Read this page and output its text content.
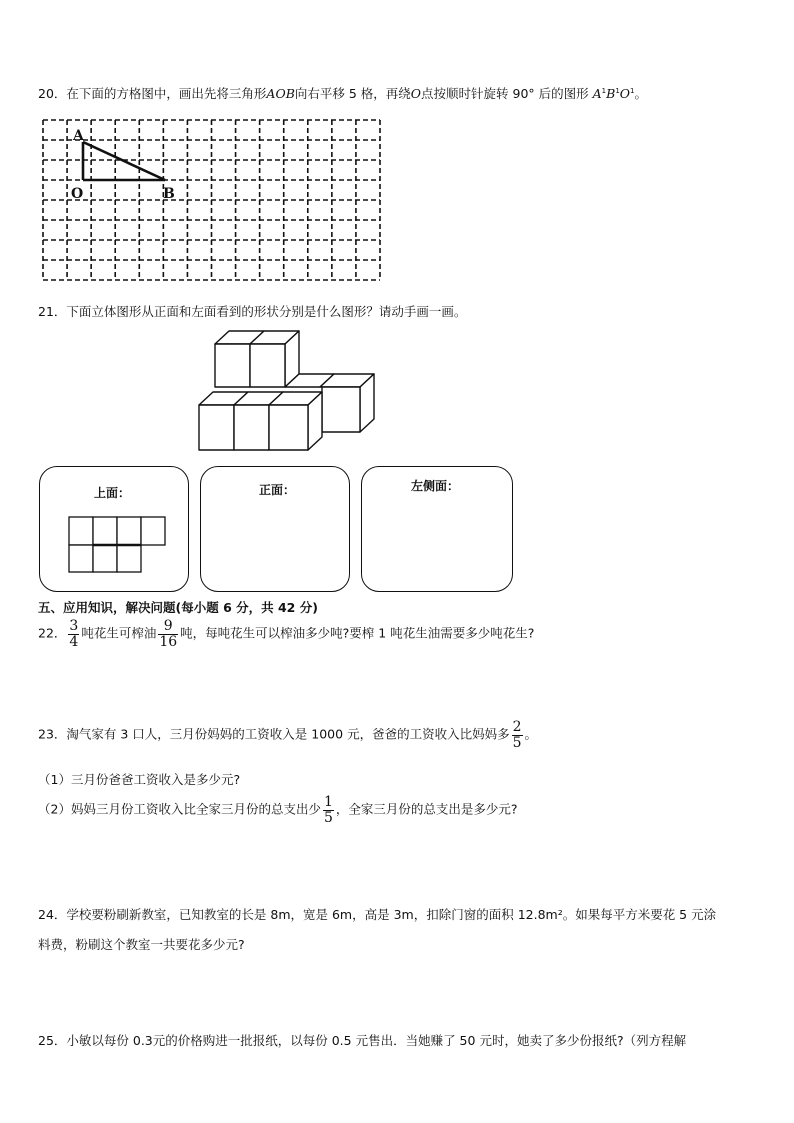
20．在下面的方格图中，画出先将三角形AOB向右平移 5 格，再绕O点按顺时针旋转 90° 后的图形 $A^1B^1O^1$。
A
O	B
21．下面立体图形从正面和左面看到的形状分别是什么图形？请动手画一画。
上面：	正面：	左侧面：
五、应用知识，解决问题(每小题 6 分，共 42 分)
22． $\frac{3}{4}$ 吨花生可榨油 $\frac{9}{16}$ 吨，每吨花生可以榨油多少吨?要榨 1 吨花生油需要多少吨花生?
23．淘气家有 3 口人，三月份妈妈的工资收入是 1000 元，爸爸的工资收入比妈妈多 $\frac{2}{5}$ 。
（1）三月份爸爸工资收入是多少元?
（2）妈妈三月份工资收入比全家三月份的总支出少 $\frac{1}{5}$ ，全家三月份的总支出是多少元?
24．学校要粉刷新教室，已知教室的长是 8m，宽是 6m，高是 3m，扣除门窗的面积 12.8m²。如果每平方米要花 5 元涂
料费，粉刷这个教室一共要花多少元?
25．小敏以每份 0.3元的价格购进一批报纸，以每份 0.5 元售出．当她赚了 50 元时，她卖了多少份报纸?（列方程解
